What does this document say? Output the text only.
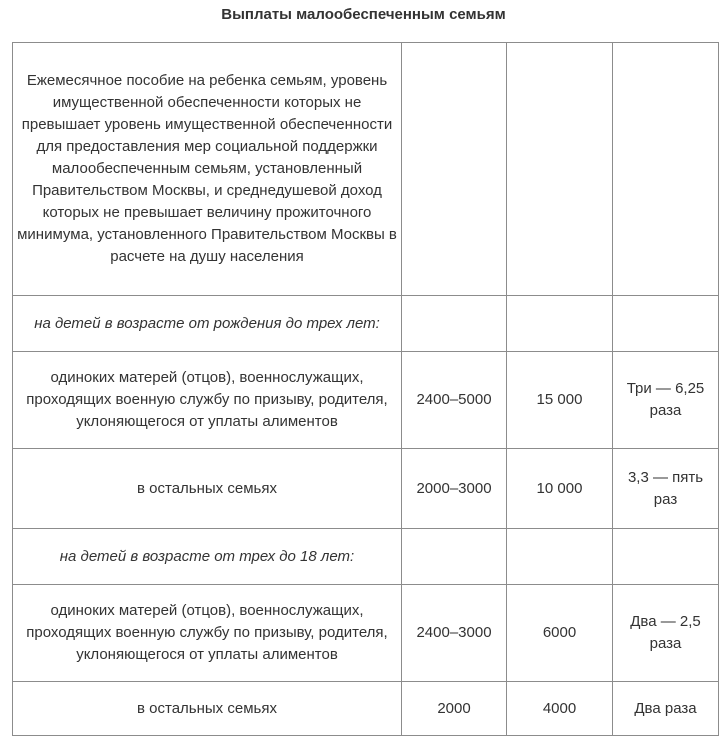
Выплаты малообеспеченным семьям
Ежемесячное пособие на ребенка семьям, уровень имущественной обеспеченности которых не превышает уровень имущественной обеспеченности для предоставления мер социальной поддержки малообеспеченным семьям, установленный Правительством Москвы, и среднедушевой доход которых не превышает величину прожиточного минимума, установленного Правительством Москвы в расчете на душу населения			
на детей в возрасте от рождения до трех лет:			
одиноких матерей (отцов), военнослужащих, проходящих военную службу по призыву, родителя, уклоняющегося от уплаты алиментов	2400–5000	15 000	Три — 6,25 раза
в остальных семьях	2000–3000	10 000	3,3 — пять раз
на детей в возрасте от трех до 18 лет:			
одиноких матерей (отцов), военнослужащих, проходящих военную службу по призыву, родителя, уклоняющегося от уплаты алиментов	2400–3000	6000	Два — 2,5 раза
в остальных семьях	2000	4000	Два раза
